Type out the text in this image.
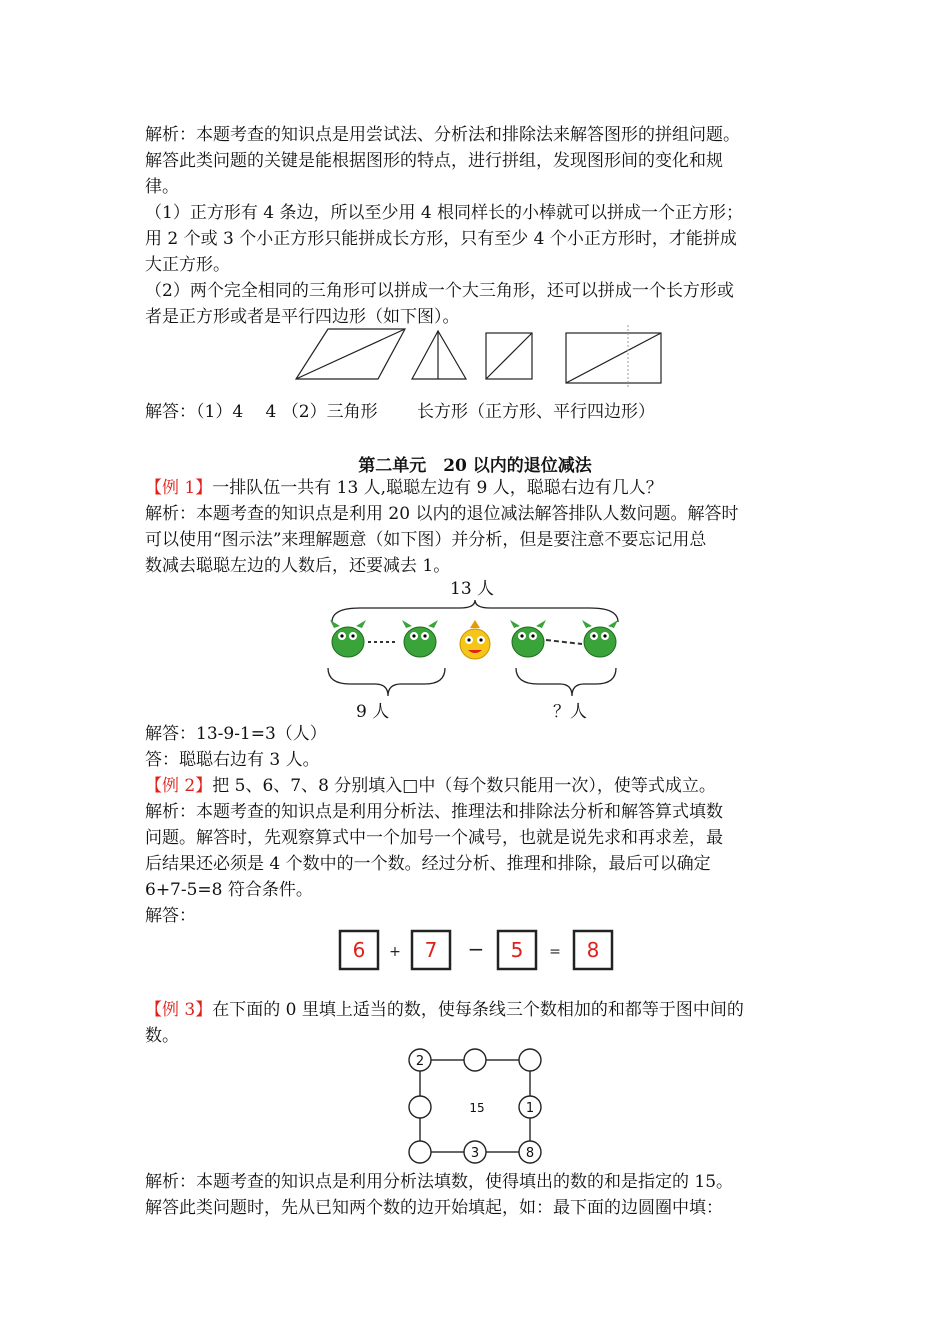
解析：本题考查的知识点是用尝试法、分析法和排除法来解答图形的拼组问题。
解答此类问题的关键是能根据图形的特点，进行拼组，发现图形间的变化和规
律。
（1）正方形有 4 条边，所以至少用 4 根同样长的小棒就可以拼成一个正方形；
用 2 个或 3 个小正方形只能拼成长方形，只有至少 4 个小正方形时，才能拼成
大正方形。
（2）两个完全相同的三角形可以拼成一个大三角形，还可以拼成一个长方形或
者是正方形或者是平行四边形（如下图）。
解答：（1）4　 4 （2）三角形　　 长方形（正方形、平行四边形）
第二单元　20 以内的退位减法
【例 1】一排队伍一共有 13 人,聪聪左边有 9 人，聪聪右边有几人？
解析：本题考查的知识点是利用 20 以内的退位减法解答排队人数问题。解答时
可以使用“图示法”来理解题意（如下图）并分析，但是要注意不要忘记用总
数减去聪聪左边的人数后，还要减去 1。
13 人
9 人	？人
解答：13-9-1=3（人）
答：聪聪右边有 3 人。
【例 2】把 5、6、7、8 分别填入□中（每个数只能用一次），使等式成立。
解析：本题考查的知识点是利用分析法、推理法和排除法分析和解答算式填数
问题。解答时，先观察算式中一个加号一个减号，也就是说先求和再求差，最
后结果还必须是 4 个数中的一个数。经过分析、推理和排除，最后可以确定
6+7-5=8 符合条件。
解答：
6 + 7 − 5 = 8
【例 3】在下面的 0 里填上适当的数，使每条线三个数相加的和都等于图中间的
数。
2
1
3	8
15
解析：本题考查的知识点是利用分析法填数，使得填出的数的和是指定的 15。
解答此类问题时，先从已知两个数的边开始填起，如：最下面的边圆圈中填：
